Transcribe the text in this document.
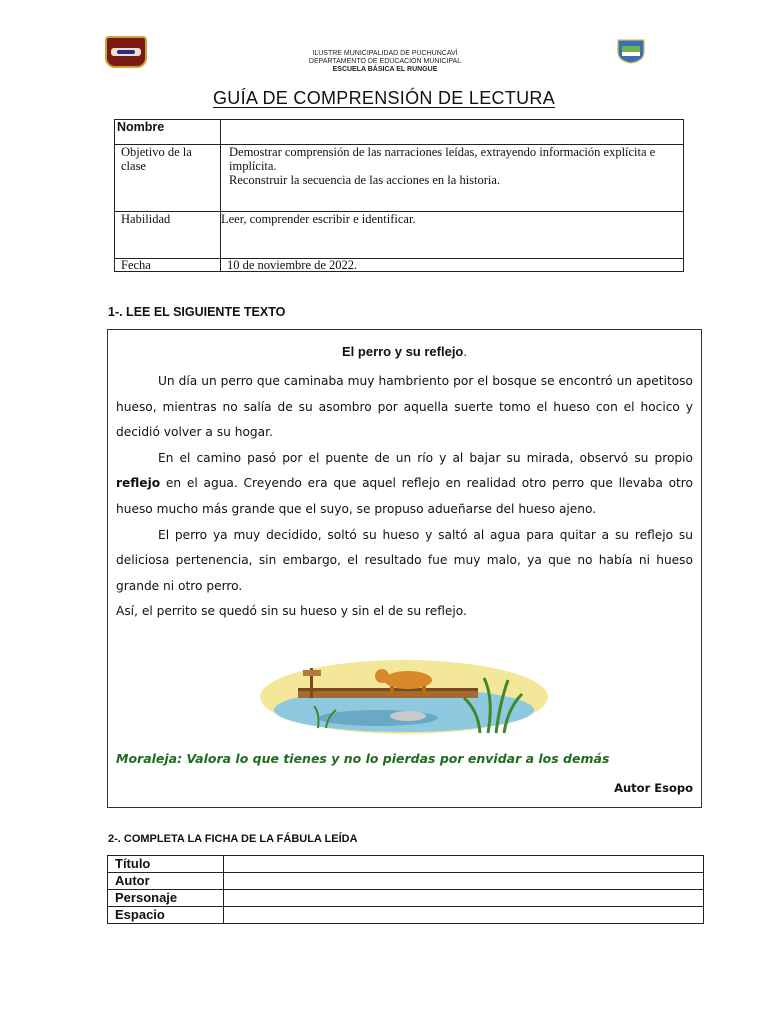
ILUSTRE MUNICIPALIDAD DE PUCHUNCAVÍ
DEPARTAMENTO DE EDUCACIÓN MUNICIPAL
ESCUELA BÁSICA EL RUNGUE
GUÍA DE COMPRENSIÓN DE LECTURA
Nombre	
Objetivo de la clase	Demostrar comprensión de las narraciones leídas, extrayendo información explícita e implícita.
Reconstruir la secuencia de las acciones en la historia.

Habilidad	Leer, comprender escribir e identificar.
Fecha	10 de noviembre de 2022.
1-. LEE EL SIGUIENTE TEXTO
El perro y su reflejo.

Un día un perro que caminaba muy hambriento por el bosque se encontró un apetitoso hueso, mientras no salía de su asombro por aquella suerte tomo el hueso con el hocico y decidió volver a su hogar.

En el camino pasó por el puente de un río y al bajar su mirada, observó su propio reflejo en el agua. Creyendo era que aquel reflejo en realidad otro perro que llevaba otro hueso mucho más grande que el suyo, se propuso adueñarse del hueso ajeno.

El perro ya muy decidido, soltó su hueso y saltó al agua para quitar a su reflejo su deliciosa pertenencia, sin embargo, el resultado fue muy malo, ya que no había ni hueso grande ni otro perro.

Así, el perrito se quedó sin su hueso y sin el de su reflejo.

Moraleja: Valora lo que tienes y no lo pierdas por envidar a los demás
Autor Esopo
2-. COMPLETA LA FICHA DE LA FÁBULA LEÍDA
Título	
Autor	
Personaje	
Espacio	
